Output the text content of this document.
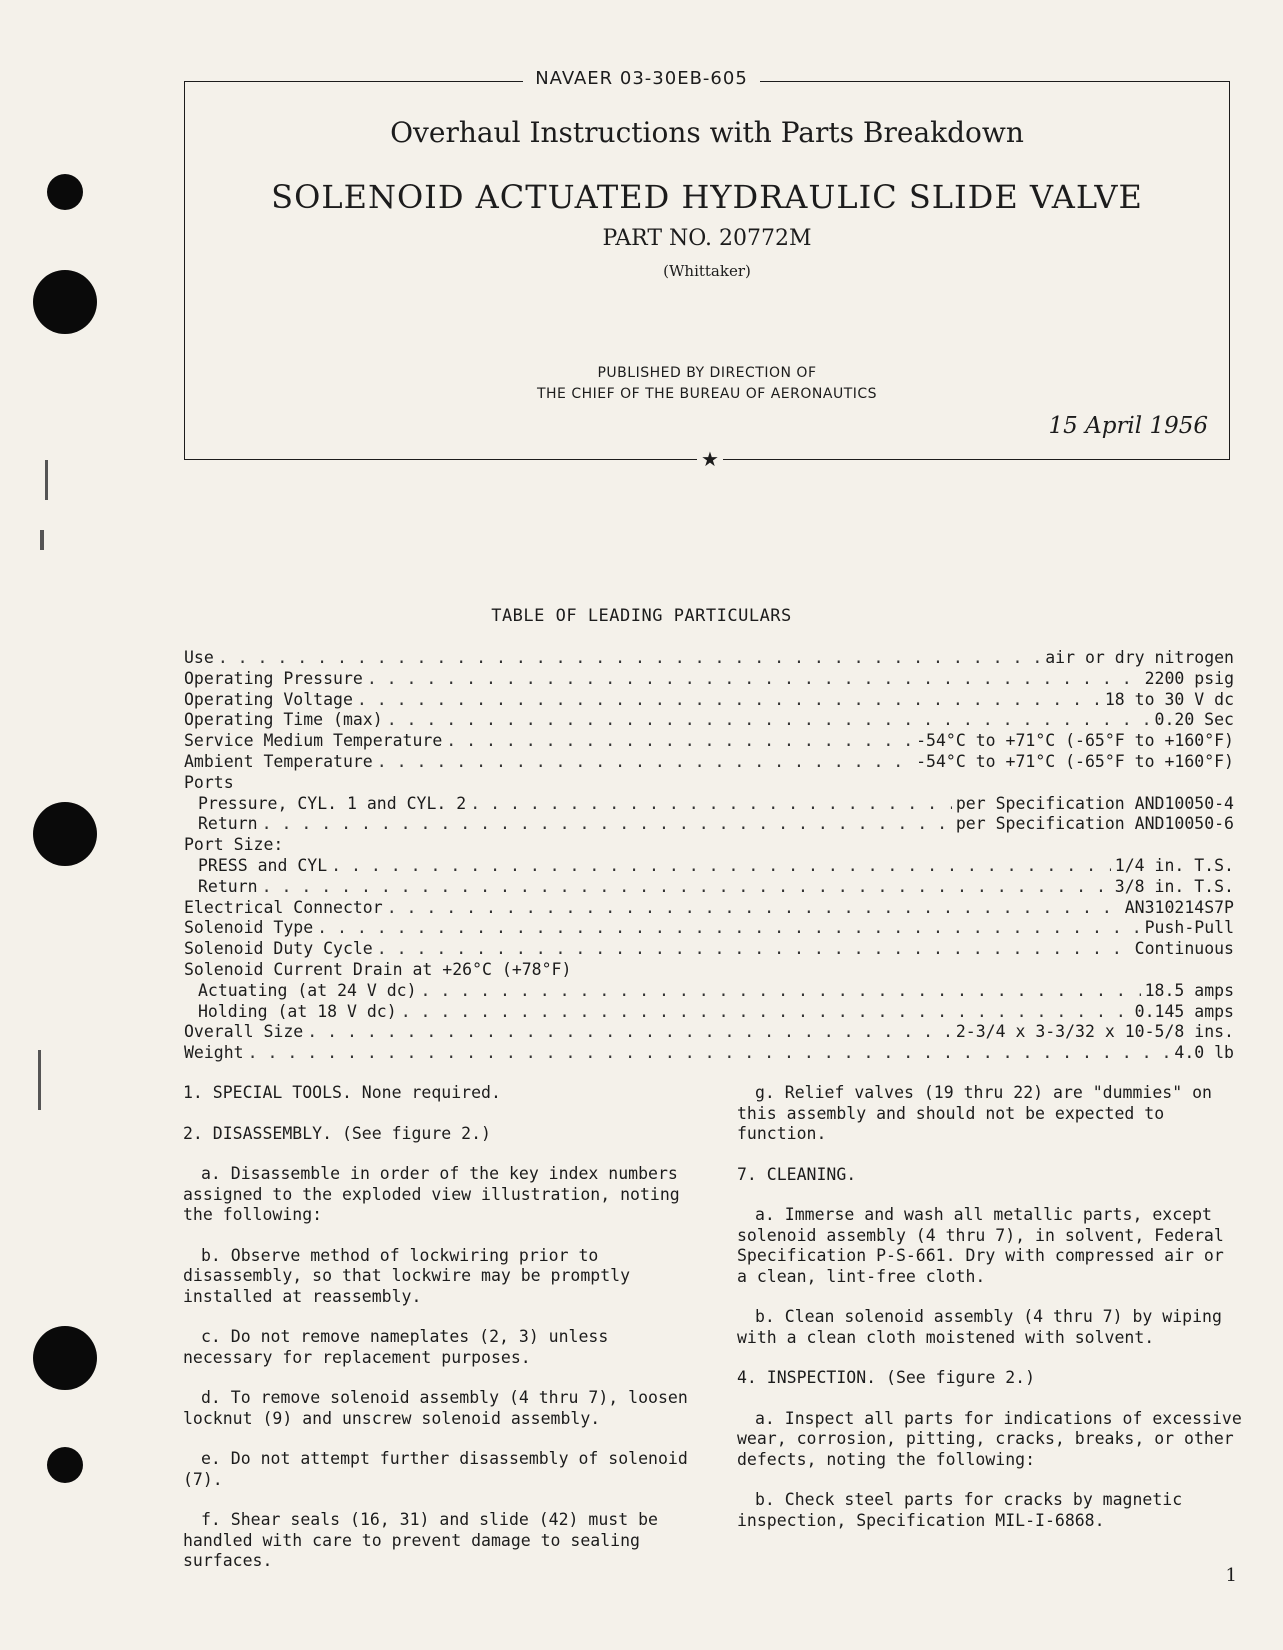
NAVAER 03-30EB-605
Overhaul Instructions with Parts Breakdown
SOLENOID ACTUATED HYDRAULIC SLIDE VALVE
PART NO. 20772M
(Whittaker)
PUBLISHED BY DIRECTION OF
THE CHIEF OF THE BUREAU OF AERONAUTICS
15 April 1956
★
TABLE OF LEADING PARTICULARS
Use . . .	air or dry nitrogen
Operating Pressure . . .	2200 psig
Operating Voltage . . .	18 to 30 V dc
Operating Time (max) . . .	0.20 Sec
Service Medium Temperature . . .	-54°C to +71°C (-65°F to +160°F)
Ambient Temperature . . .	-54°C to +71°C (-65°F to +160°F)
Ports
Pressure, CYL. 1 and CYL. 2 . . .	per Specification AND10050-4
Return . . .	per Specification AND10050-6
Port Size:
PRESS and CYL . . .	1/4 in. T.S.
Return . . .	3/8 in. T.S.
Electrical Connector . . .	AN310214S7P
Solenoid Type . . .	Push-Pull
Solenoid Duty Cycle . . .	Continuous
Solenoid Current Drain at +26°C (+78°F)
Actuating (at 24 V dc) . . .	18.5 amps
Holding (at 18 V dc) . . .	0.145 amps
Overall Size . . .	2-3/4 x 3-3/32 x 10-5/8 ins.
Weight . . .	4.0 lb

1. SPECIAL TOOLS. None required.

2. DISASSEMBLY. (See figure 2.)

a. Disassemble in order of the key index numbers assigned to the exploded view illustration, noting the following:

b. Observe method of lockwiring prior to disassembly, so that lockwire may be promptly installed at reassembly.

c. Do not remove nameplates (2, 3) unless necessary for replacement purposes.

d. To remove solenoid assembly (4 thru 7), loosen locknut (9) and unscrew solenoid assembly.

e. Do not attempt further disassembly of solenoid (7).

f. Shear seals (16, 31) and slide (42) must be handled with care to prevent damage to sealing surfaces.

g. Relief valves (19 thru 22) are "dummies" on this assembly and should not be expected to function.

7. CLEANING.

a. Immerse and wash all metallic parts, except solenoid assembly (4 thru 7), in solvent, Federal Specification P-S-661. Dry with compressed air or a clean, lint-free cloth.

b. Clean solenoid assembly (4 thru 7) by wiping with a clean cloth moistened with solvent.

4. INSPECTION. (See figure 2.)

a. Inspect all parts for indications of excessive wear, corrosion, pitting, cracks, breaks, or other defects, noting the following:

b. Check steel parts for cracks by magnetic inspection, Specification MIL-I-6868.

1
